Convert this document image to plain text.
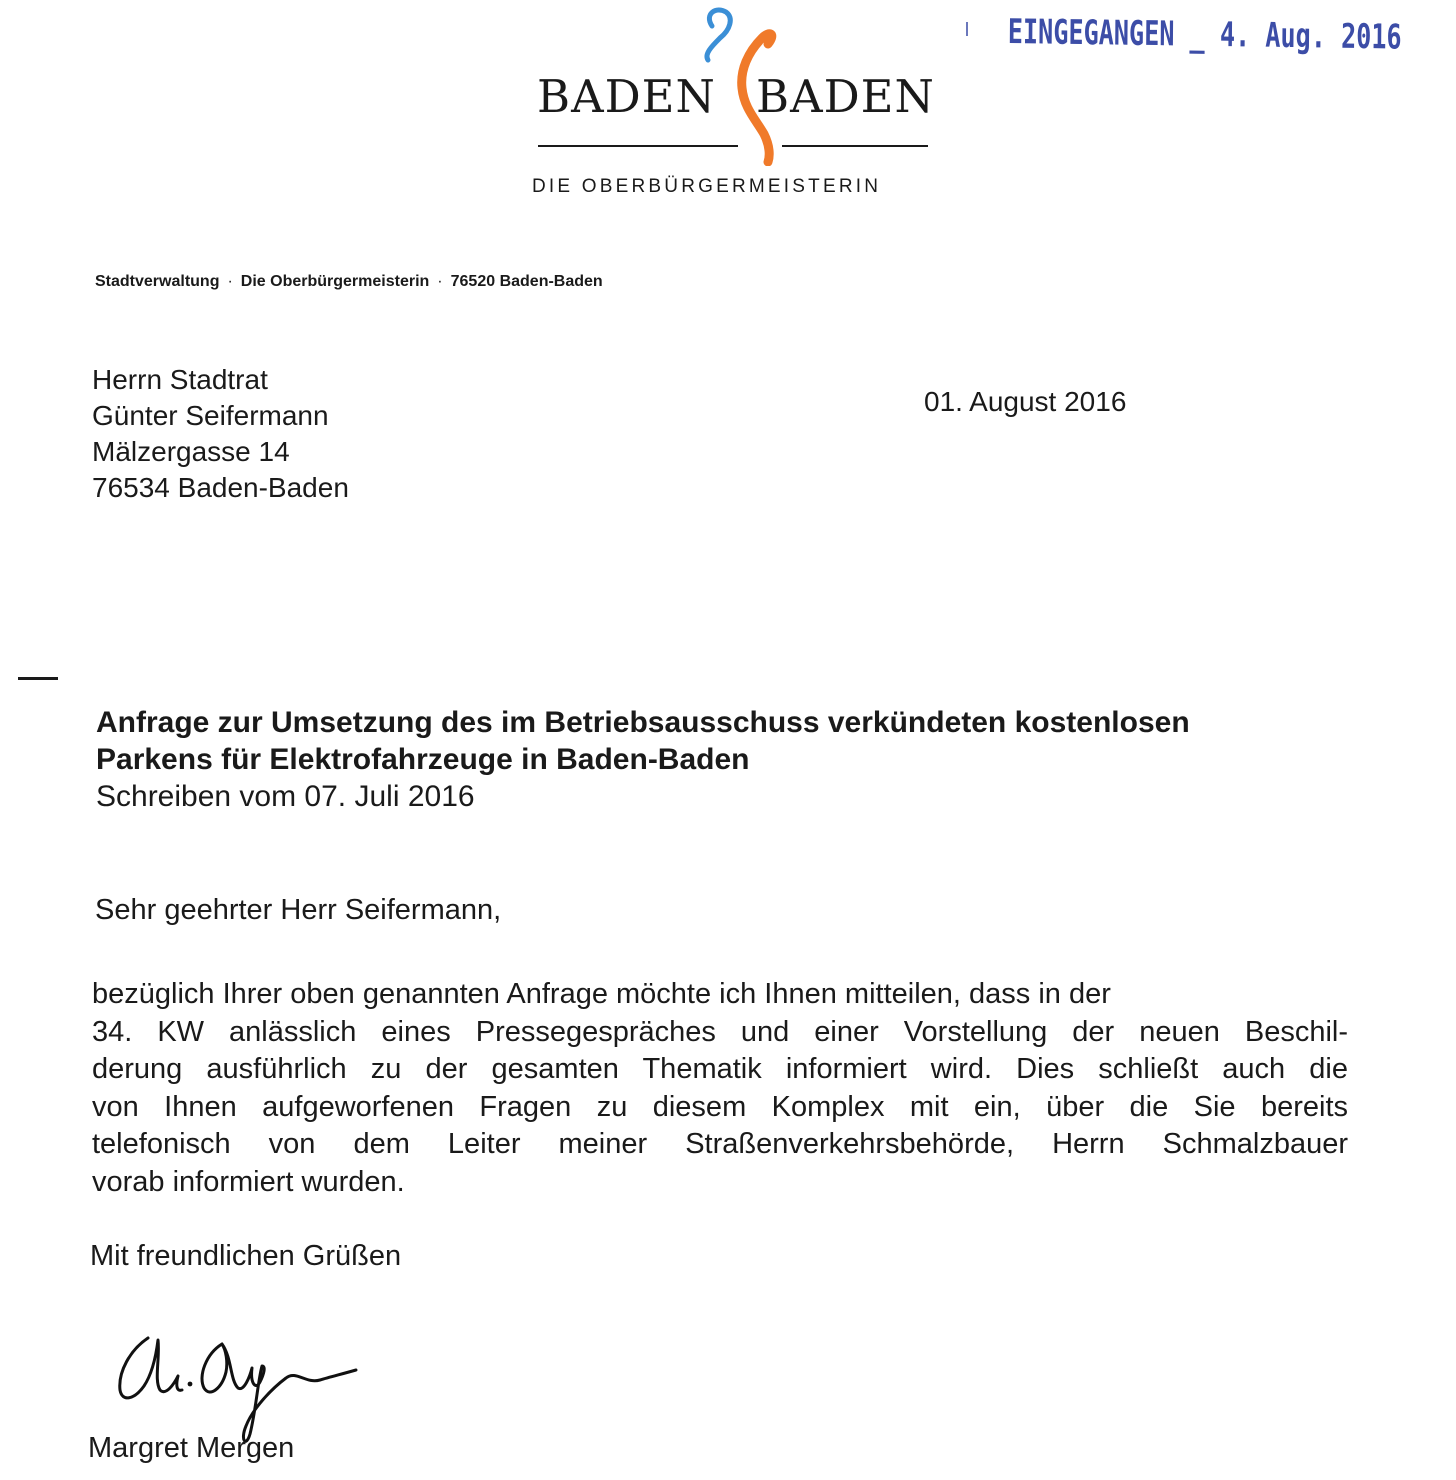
EINGEGANGEN _ 4. Aug. 2016
BADEN BADEN
DIE OBERBÜRGERMEISTERIN
Stadtverwaltung · Die Oberbürgermeisterin · 76520 Baden-Baden
Herrn Stadtrat
Günter Seifermann
Mälzergasse 14
76534 Baden-Baden
01. August 2016
Anfrage zur Umsetzung des im Betriebsausschuss verkündeten kostenlosen
Parkens für Elektrofahrzeuge in Baden-Baden
Schreiben vom 07. Juli 2016
Sehr geehrter Herr Seifermann,
bezüglich Ihrer oben genannten Anfrage möchte ich Ihnen mitteilen, dass in der
34. KW anlässlich eines Pressegespräches und einer Vorstellung der neuen Beschil-
derung ausführlich zu der gesamten Thematik informiert wird. Dies schließt auch die
von Ihnen aufgeworfenen Fragen zu diesem Komplex mit ein, über die Sie bereits
telefonisch von dem Leiter meiner Straßenverkehrsbehörde, Herrn Schmalzbauer
vorab informiert wurden.
Mit freundlichen Grüßen
Margret Mergen
